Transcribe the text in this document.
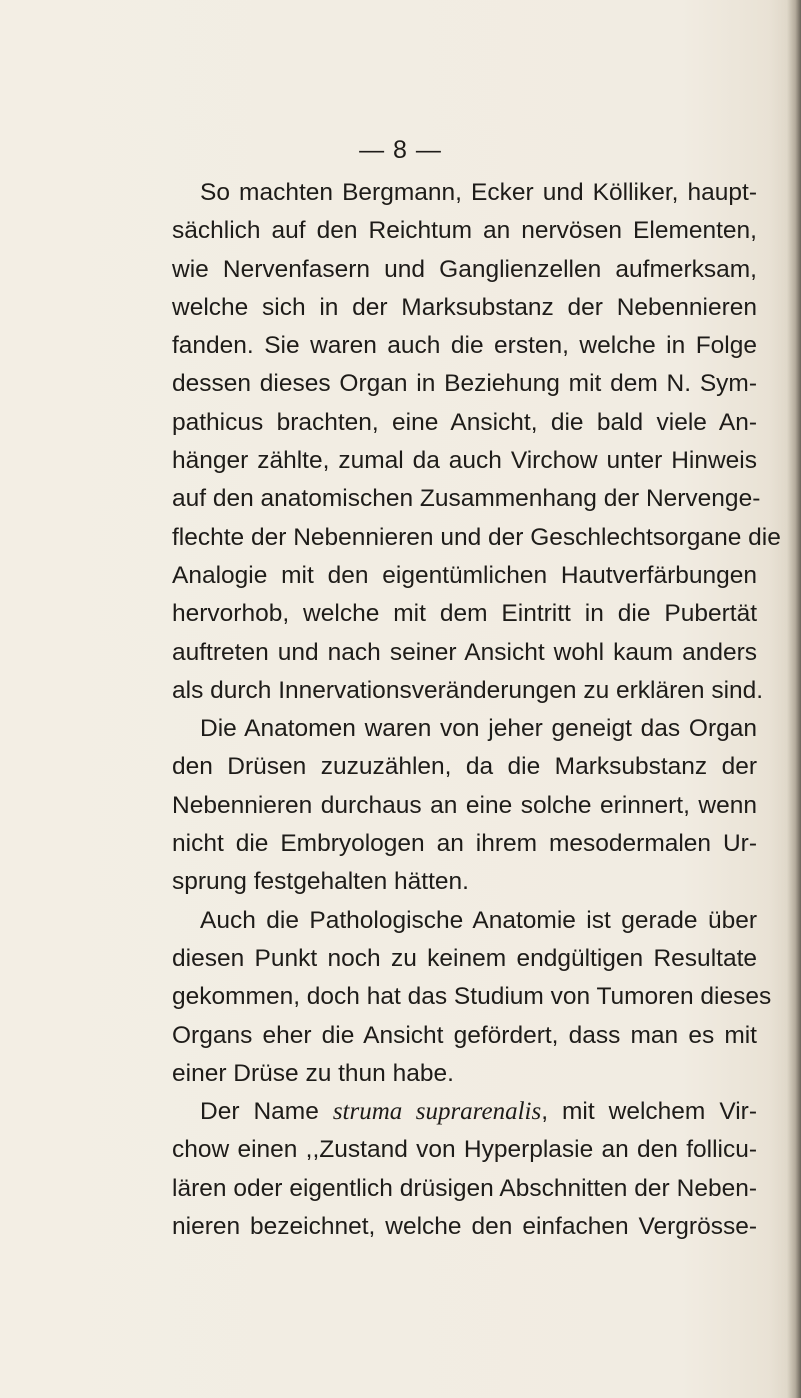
— 8 —
So machten Bergmann, Ecker und Kölliker, haupt-
sächlich auf den Reichtum an nervösen Elementen,
wie Nervenfasern und Ganglienzellen aufmerksam,
welche sich in der Marksubstanz der Nebennieren
fanden. Sie waren auch die ersten, welche in Folge
dessen dieses Organ in Beziehung mit dem N. Sym-
pathicus brachten, eine Ansicht, die bald viele An-
hänger zählte, zumal da auch Virchow unter Hinweis
auf den anatomischen Zusammenhang der Nervenge-
flechte der Nebennieren und der Geschlechtsorgane die
Analogie mit den eigentümlichen Hautverfärbungen
hervorhob, welche mit dem Eintritt in die Pubertät
auftreten und nach seiner Ansicht wohl kaum anders
als durch Innervationsveränderungen zu erklären sind.
Die Anatomen waren von jeher geneigt das Organ
den Drüsen zuzuzählen, da die Marksubstanz der
Nebennieren durchaus an eine solche erinnert, wenn
nicht die Embryologen an ihrem mesodermalen Ur-
sprung festgehalten hätten.
Auch die Pathologische Anatomie ist gerade über
diesen Punkt noch zu keinem endgültigen Resultate
gekommen, doch hat das Studium von Tumoren dieses
Organs eher die Ansicht gefördert, dass man es mit
einer Drüse zu thun habe.
Der Name struma suprarenalis, mit welchem Vir-
chow einen ,,Zustand von Hyperplasie an den follicu-
lären oder eigentlich drüsigen Abschnitten der Neben-
nieren bezeichnet, welche den einfachen Vergrösse-
